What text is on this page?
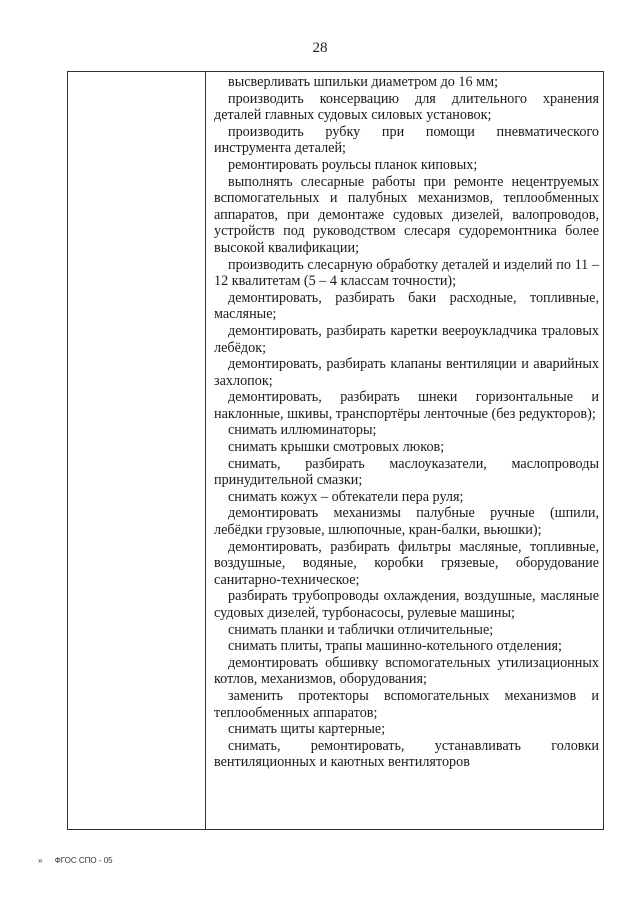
28

высверливать шпильки диаметром до 16 мм;

производить консервацию для длительного хранения деталей главных судовых силовых установок;

производить рубку при помощи пневматического инструмента деталей;

ремонтировать роульсы планок киповых;

выполнять слесарные работы при ремонте нецентруемых вспомогательных и палубных механизмов, теплообменных аппаратов, при демонтаже судовых дизелей, валопроводов, устройств под руководством слесаря судоремонтника более высокой квалификации;

производить слесарную обработку деталей и изделий по 11 – 12 квалитетам (5 – 4 классам точности);

демонтировать, разбирать баки расходные, топливные, масляные;

демонтировать, разбирать каретки веероукладчика траловых лебёдок;

демонтировать, разбирать клапаны вентиляции и аварийных захлопок;

демонтировать, разбирать шнеки горизонтальные и наклонные, шкивы, транспортёры ленточные (без редукторов);

снимать иллюминаторы;

снимать крышки смотровых люков;

снимать, разбирать маслоуказатели, маслопроводы принудительной смазки;

снимать кожух – обтекатели пера руля;

демонтировать механизмы палубные ручные (шпили, лебёдки грузовые, шлюпочные, кран-балки, вьюшки);

демонтировать, разбирать фильтры масляные, топливные, воздушные, водяные, коробки грязевые, оборудование санитарно-техническое;

разбирать трубопроводы охлаждения, воздушные, масляные судовых дизелей, турбонасосы, рулевые машины;

снимать планки и таблички отличительные;

снимать плиты, трапы машинно-котельного отделения;

демонтировать обшивку вспомогательных утилизационных котлов, механизмов, оборудования;

заменить протекторы вспомогательных механизмов и теплообменных аппаратов;

снимать щиты картерные;

снимать, ремонтировать, устанавливать головки вентиляционных и каютных вентиляторов

» ФГОС СПО - 05
